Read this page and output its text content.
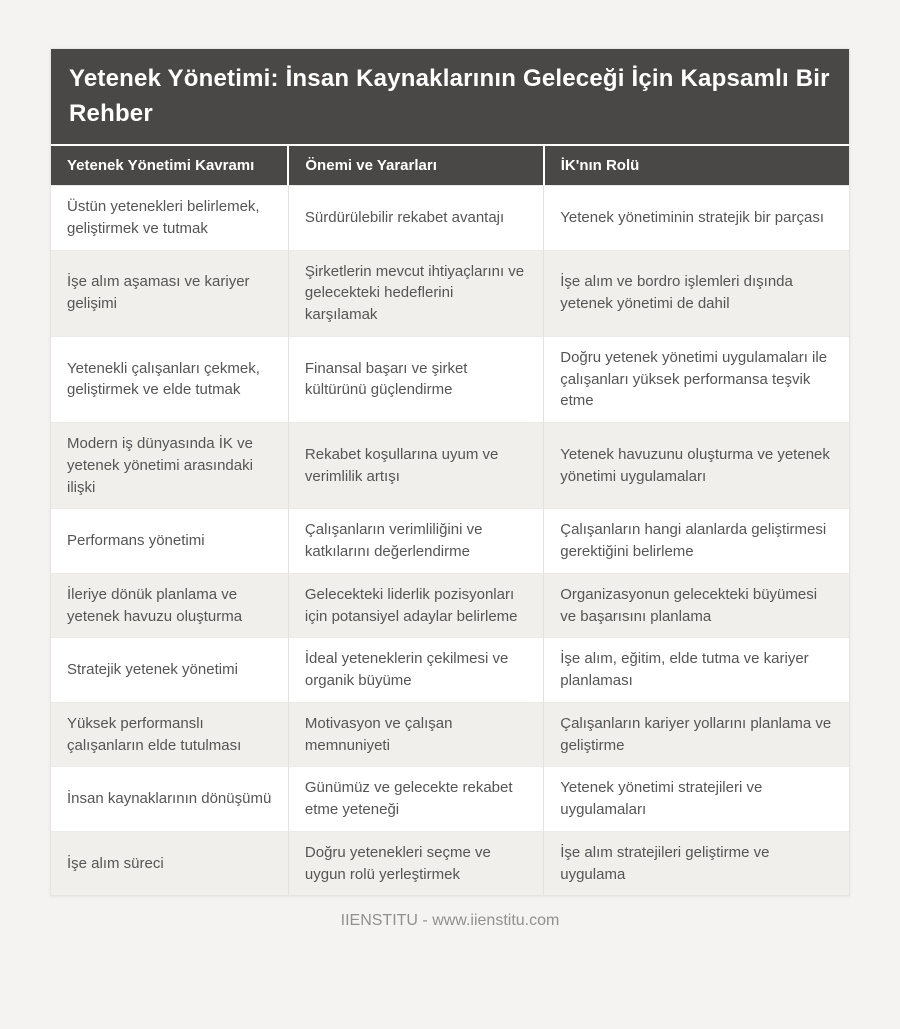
Yetenek Yönetimi: İnsan Kaynaklarının Geleceği İçin Kapsamlı Bir Rehber
Yetenek Yönetimi Kavramı	Önemi ve Yararları	İK'nın Rolü
Üstün yetenekleri belirlemek, geliştirmek ve tutmak	Sürdürülebilir rekabet avantajı	Yetenek yönetiminin stratejik bir parçası
İşe alım aşaması ve kariyer gelişimi	Şirketlerin mevcut ihtiyaçlarını ve gelecekteki hedeflerini karşılamak	İşe alım ve bordro işlemleri dışında yetenek yönetimi de dahil
Yetenekli çalışanları çekmek, geliştirmek ve elde tutmak	Finansal başarı ve şirket kültürünü güçlendirme	Doğru yetenek yönetimi uygulamaları ile çalışanları yüksek performansa teşvik etme
Modern iş dünyasında İK ve yetenek yönetimi arasındaki ilişki	Rekabet koşullarına uyum ve verimlilik artışı	Yetenek havuzunu oluşturma ve yetenek yönetimi uygulamaları
Performans yönetimi	Çalışanların verimliliğini ve katkılarını değerlendirme	Çalışanların hangi alanlarda geliştirmesi gerektiğini belirleme
İleriye dönük planlama ve yetenek havuzu oluşturma	Gelecekteki liderlik pozisyonları için potansiyel adaylar belirleme	Organizasyonun gelecekteki büyümesi ve başarısını planlama
Stratejik yetenek yönetimi	İdeal yeteneklerin çekilmesi ve organik büyüme	İşe alım, eğitim, elde tutma ve kariyer planlaması
Yüksek performanslı çalışanların elde tutulması	Motivasyon ve çalışan memnuniyeti	Çalışanların kariyer yollarını planlama ve geliştirme
İnsan kaynaklarının dönüşümü	Günümüz ve gelecekte rekabet etme yeteneği	Yetenek yönetimi stratejileri ve uygulamaları
İşe alım süreci	Doğru yetenekleri seçme ve uygun rolü yerleştirmek	İşe alım stratejileri geliştirme ve uygulama
IIENSTITU - www.iienstitu.com
